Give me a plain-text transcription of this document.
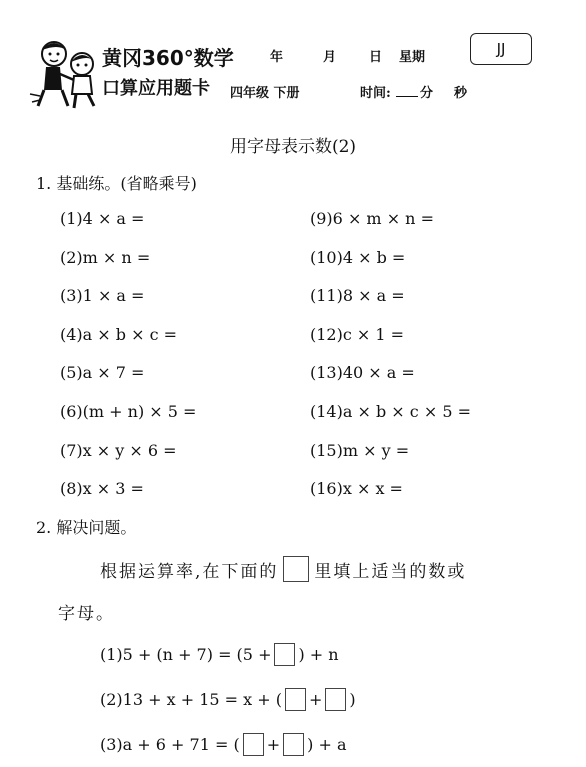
黄冈360°数学
口算应用题卡
年	月	日 星期	JJ
四年级 下册	时间: 分 秒
用字母表示数(2)
1. 基础练。(省略乘号)
(1)4 × a =
(2)m × n =
(3)1 × a =
(4)a × b × c =
(5)a × 7 =
(6)(m + n) × 5 =
(7)x × y × 6 =
(8)x × 3 =
(9)6 × m × n =
(10)4 × b =
(11)8 × a =
(12)c × 1 =
(13)40 × a =
(14)a × b × c × 5 =
(15)m × y =
(16)x × x =
2. 解决问题。
根据运算率,在下面的 里填上适当的数或
字母。
(1) 5 + (n + 7) = (5 + ) + n
(2) 13 + x + 15 = x + ( + )
(3) a + 6 + 71 = ( + ) + a
